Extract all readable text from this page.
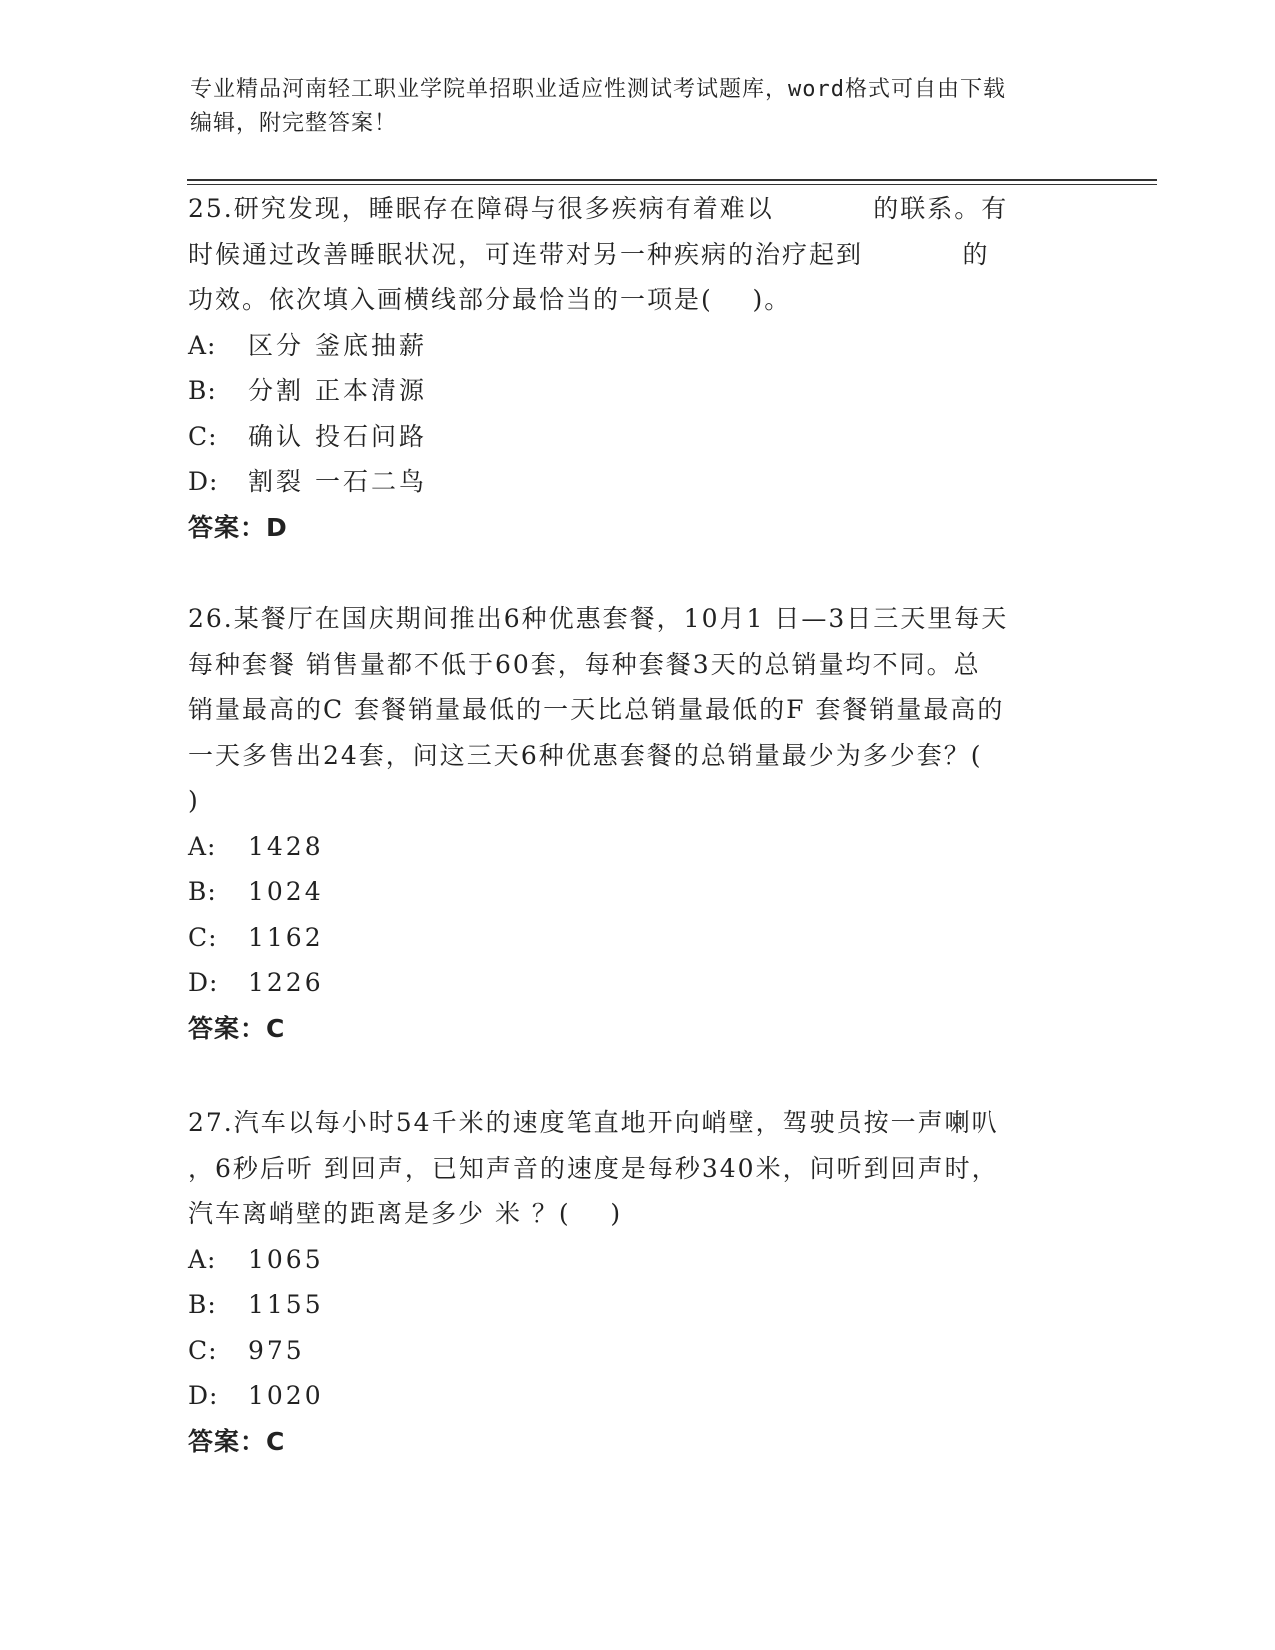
专业精品河南轻工职业学院单招职业适应性测试考试题库，word格式可自由下载
编辑，附完整答案！
25.研究发现，睡眠存在障碍与很多疾病有着难以          的联系。有
时候通过改善睡眠状况，可连带对另一种疾病的治疗起到          的
功效。依次填入画横线部分最恰当的一项是(    )。
A:	区分 釜底抽薪
B:	分割 正本清源
C:	确认 投石问路
D:	割裂 一石二鸟
答案：D
26.某餐厅在国庆期间推出6种优惠套餐，10月1 日—3日三天里每天
每种套餐 销售量都不低于60套，每种套餐3天的总销量均不同。总
销量最高的C 套餐销量最低的一天比总销量最低的F 套餐销量最高的
一天多售出24套，问这三天6种优惠套餐的总销量最少为多少套？(
)
A:	1428
B:	1024
C:	1162
D:	1226
答案：C
27.汽车以每小时54千米的速度笔直地开向峭壁，驾驶员按一声喇叭
，6秒后听 到回声，已知声音的速度是每秒340米，问听到回声时，
汽车离峭壁的距离是多少 米 ？(    )
A:	1065
B:	1155
C:	975
D:	1020
答案：C
